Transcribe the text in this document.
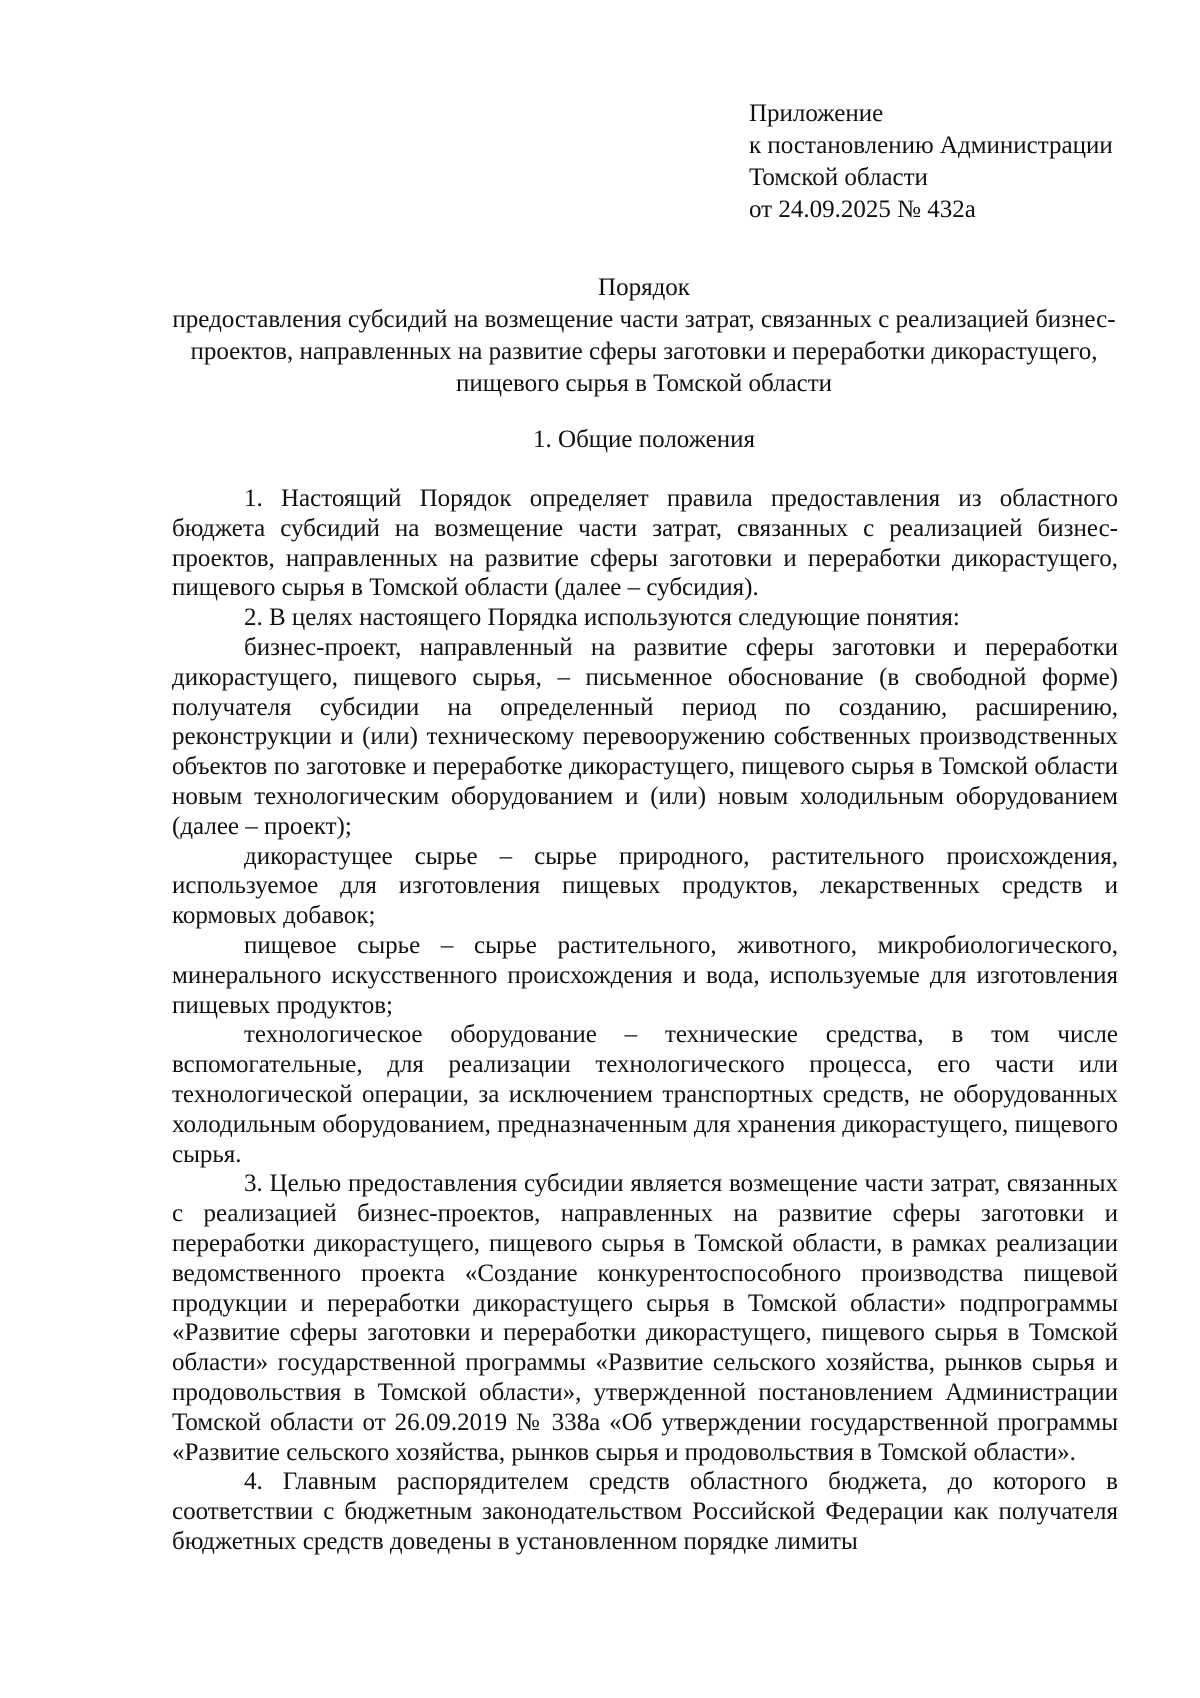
Приложение
к постановлению Администрации
Томской области
от 24.09.2025 № 432а
Порядок
предоставления субсидий на возмещение части затрат, связанных с реализацией бизнес-проектов, направленных на развитие сферы заготовки и переработки дикорастущего, пищевого сырья в Томской области
1. Общие положения

1. Настоящий Порядок определяет правила предоставления из областного бюджета субсидий на возмещение части затрат, связанных с реализацией бизнес-проектов, направленных на развитие сферы заготовки и переработки дикорастущего, пищевого сырья в Томской области (далее – субсидия).

2. В целях настоящего Порядка используются следующие понятия:

бизнес-проект, направленный на развитие сферы заготовки и переработки дикорастущего, пищевого сырья, – письменное обоснование (в свободной форме) получателя субсидии на определенный период по созданию, расширению, реконструкции и (или) техническому перевооружению собственных производственных объектов по заготовке и переработке дикорастущего, пищевого сырья в Томской области новым технологическим оборудованием и (или) новым холодильным оборудованием (далее – проект);

дикорастущее сырье – сырье природного, растительного происхождения, используемое для изготовления пищевых продуктов, лекарственных средств и кормовых добавок;

пищевое сырье – сырье растительного, животного, микробиологического, минерального искусственного происхождения и вода, используемые для изготовления пищевых продуктов;

технологическое оборудование – технические средства, в том числе вспомогательные, для реализации технологического процесса, его части или технологической операции, за исключением транспортных средств, не оборудованных холодильным оборудованием, предназначенным для хранения дикорастущего, пищевого сырья.

3. Целью предоставления субсидии является возмещение части затрат, связанных с реализацией бизнес-проектов, направленных на развитие сферы заготовки и переработки дикорастущего, пищевого сырья в Томской области, в рамках реализации ведомственного проекта «Создание конкурентоспособного производства пищевой продукции и переработки дикорастущего сырья в Томской области» подпрограммы «Развитие сферы заготовки и переработки дикорастущего, пищевого сырья в Томской области» государственной программы «Развитие сельского хозяйства, рынков сырья и продовольствия в Томской области», утвержденной постановлением Администрации Томской области от 26.09.2019 № 338а «Об утверждении государственной программы «Развитие сельского хозяйства, рынков сырья и продовольствия в Томской области».

4. Главным распорядителем средств областного бюджета, до которого в соответствии с бюджетным законодательством Российской Федерации как получателя бюджетных средств доведены в установленном порядке лимиты
